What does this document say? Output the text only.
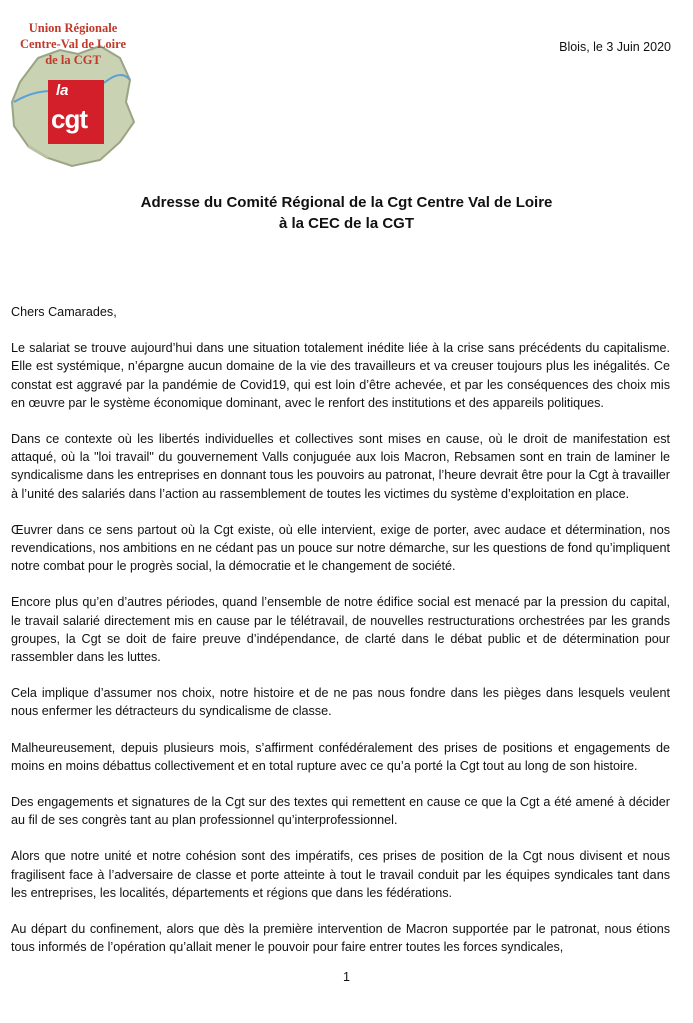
Union Régionale
Centre-Val de Loire
de la CGT
la
cgt
Blois, le 3 Juin 2020
Adresse du Comité Régional de la Cgt Centre Val de Loire
à la CEC de la CGT

Chers Camarades,

Le salariat se trouve aujourd’hui dans une situation totalement inédite liée à la crise sans précédents du capitalisme. Elle est systémique, n’épargne aucun domaine de la vie des travailleurs et va creuser toujours plus les inégalités. Ce constat est aggravé par la pandémie de Covid19, qui est loin d’être achevée, et par les conséquences des choix mis en œuvre par le système économique dominant, avec le renfort des institutions et des appareils politiques.

Dans ce contexte où les libertés individuelles et collectives sont mises en cause, où le droit de manifestation est attaqué, où la "loi travail" du gouvernement Valls conjuguée aux lois Macron, Rebsamen sont en train de laminer le syndicalisme dans les entreprises en donnant tous les pouvoirs au patronat, l’heure devrait être pour la Cgt à travailler à l’unité des salariés dans l’action au rassemblement de toutes les victimes du système d’exploitation en place.

Œuvrer dans ce sens partout où la Cgt existe, où elle intervient, exige de porter, avec audace et détermination, nos revendications, nos ambitions en ne cédant pas un pouce sur notre démarche, sur les questions de fond qu’impliquent notre combat pour le progrès social, la démocratie et le changement de société.

Encore plus qu’en d’autres périodes, quand l’ensemble de notre édifice social est menacé par la pression du capital, le travail salarié directement mis en cause par le télétravail, de nouvelles restructurations orchestrées par les grands groupes, la Cgt se doit de faire preuve d’indépendance, de clarté dans le débat public et de détermination pour rassembler dans les luttes.

Cela implique d’assumer nos choix, notre histoire et de ne pas nous fondre dans les pièges dans lesquels veulent nous enfermer les détracteurs du syndicalisme de classe.

Malheureusement, depuis plusieurs mois, s’affirment confédéralement des prises de positions et engagements de moins en moins débattus collectivement et en total rupture avec ce qu’a porté la Cgt tout au long de son histoire.

Des engagements et signatures de la Cgt sur des textes qui remettent en cause ce que la Cgt a été amené à décider au fil de ses congrès tant au plan professionnel qu’interprofessionnel.

Alors que notre unité et notre cohésion sont des impératifs, ces prises de position de la Cgt nous divisent et nous fragilisent face à l’adversaire de classe et porte atteinte à tout le travail conduit par les équipes syndicales tant dans les entreprises, les localités, départements et régions que dans les fédérations.

Au départ du confinement, alors que dès la première intervention de Macron supportée par le patronat, nous étions tous informés de l’opération qu’allait mener le pouvoir pour faire entrer toutes les forces syndicales,

1
